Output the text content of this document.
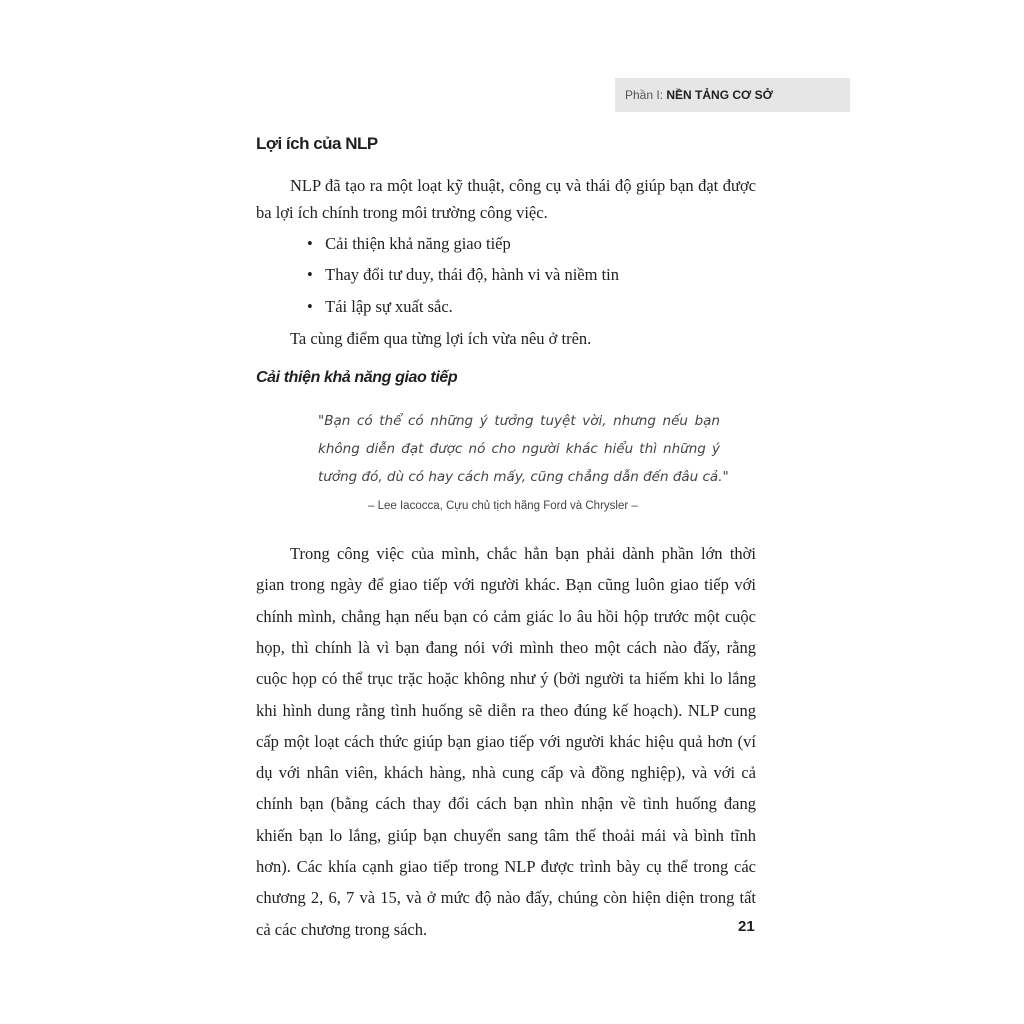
Phần I: NỀN TẢNG CƠ SỞ
Lợi ích của NLP
NLP đã tạo ra một loạt kỹ thuật, công cụ và thái độ giúp bạn đạt được
ba lợi ích chính trong môi trường công việc.
•   Cải thiện khả năng giao tiếp
•   Thay đổi tư duy, thái độ, hành vi và niềm tin
•   Tái lập sự xuất sắc.
Ta cùng điểm qua từng lợi ích vừa nêu ở trên.
Cải thiện khả năng giao tiếp
"Bạn có thể có những ý tưởng tuyệt vời, nhưng nếu bạn
không diễn đạt được nó cho người khác hiểu thì những ý
tưởng đó, dù có hay cách mấy, cũng chẳng dẫn đến đâu cả."
– Lee Iacocca, Cựu chủ tịch hãng Ford và Chrysler –
Trong công việc của mình, chắc hẳn bạn phải dành phần lớn thời
gian trong ngày để giao tiếp với người khác. Bạn cũng luôn giao tiếp với
chính mình, chẳng hạn nếu bạn có cảm giác lo âu hồi hộp trước một cuộc
họp, thì chính là vì bạn đang nói với mình theo một cách nào đấy, rằng
cuộc họp có thể trục trặc hoặc không như ý (bởi người ta hiếm khi lo lắng
khi hình dung rằng tình huống sẽ diễn ra theo đúng kế hoạch). NLP cung
cấp một loạt cách thức giúp bạn giao tiếp với người khác hiệu quả hơn (ví
dụ với nhân viên, khách hàng, nhà cung cấp và đồng nghiệp), và với cả
chính bạn (bằng cách thay đổi cách bạn nhìn nhận về tình huống đang
khiến bạn lo lắng, giúp bạn chuyển sang tâm thế thoải mái và bình tĩnh
hơn). Các khía cạnh giao tiếp trong NLP được trình bày cụ thể trong các
chương 2, 6, 7 và 15, và ở mức độ nào đấy, chúng còn hiện diện trong tất
cả các chương trong sách.	21
